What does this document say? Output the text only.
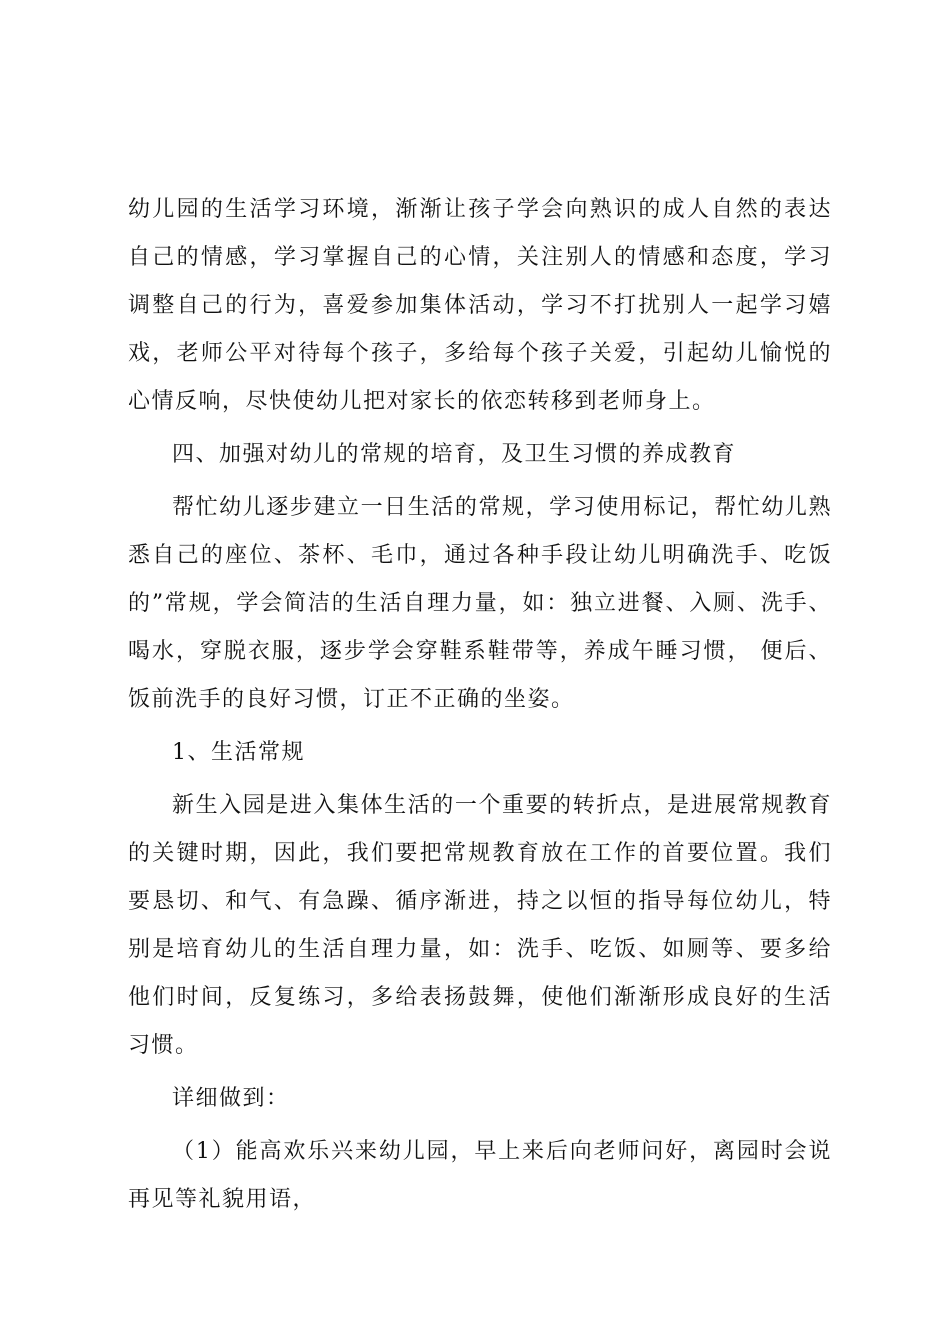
幼儿园的生活学习环境，渐渐让孩子学会向熟识的成人自然的表达自己的情感，学习掌握自己的心情，关注别人的情感和态度，学习调整自己的行为，喜爱参加集体活动，学习不打扰别人一起学习嬉戏，老师公平对待每个孩子，多给每个孩子关爱，引起幼儿愉悦的心情反响，尽快使幼儿把对家长的依恋转移到老师身上。

四、加强对幼儿的常规的培育，及卫生习惯的养成教育

帮忙幼儿逐步建立一日生活的常规，学习使用标记，帮忙幼儿熟悉自己的座位、茶杯、毛巾，通过各种手段让幼儿明确洗手、吃饭的”常规，学会简洁的生活自理力量，如：独立进餐、入厕、洗手、喝水，穿脱衣服，逐步学会穿鞋系鞋带等，养成午睡习惯， 便后、饭前洗手的良好习惯，订正不正确的坐姿。

1、生活常规

新生入园是进入集体生活的一个重要的转折点，是进展常规教育的关键时期，因此，我们要把常规教育放在工作的首要位置。我们要恳切、和气、有急躁、循序渐进，持之以恒的指导每位幼儿，特别是培育幼儿的生活自理力量，如：洗手、吃饭、如厕等、要多给他们时间，反复练习，多给表扬鼓舞，使他们渐渐形成良好的生活习惯。

详细做到：

（1）能高欢乐兴来幼儿园，早上来后向老师问好，离园时会说再见等礼貌用语，
